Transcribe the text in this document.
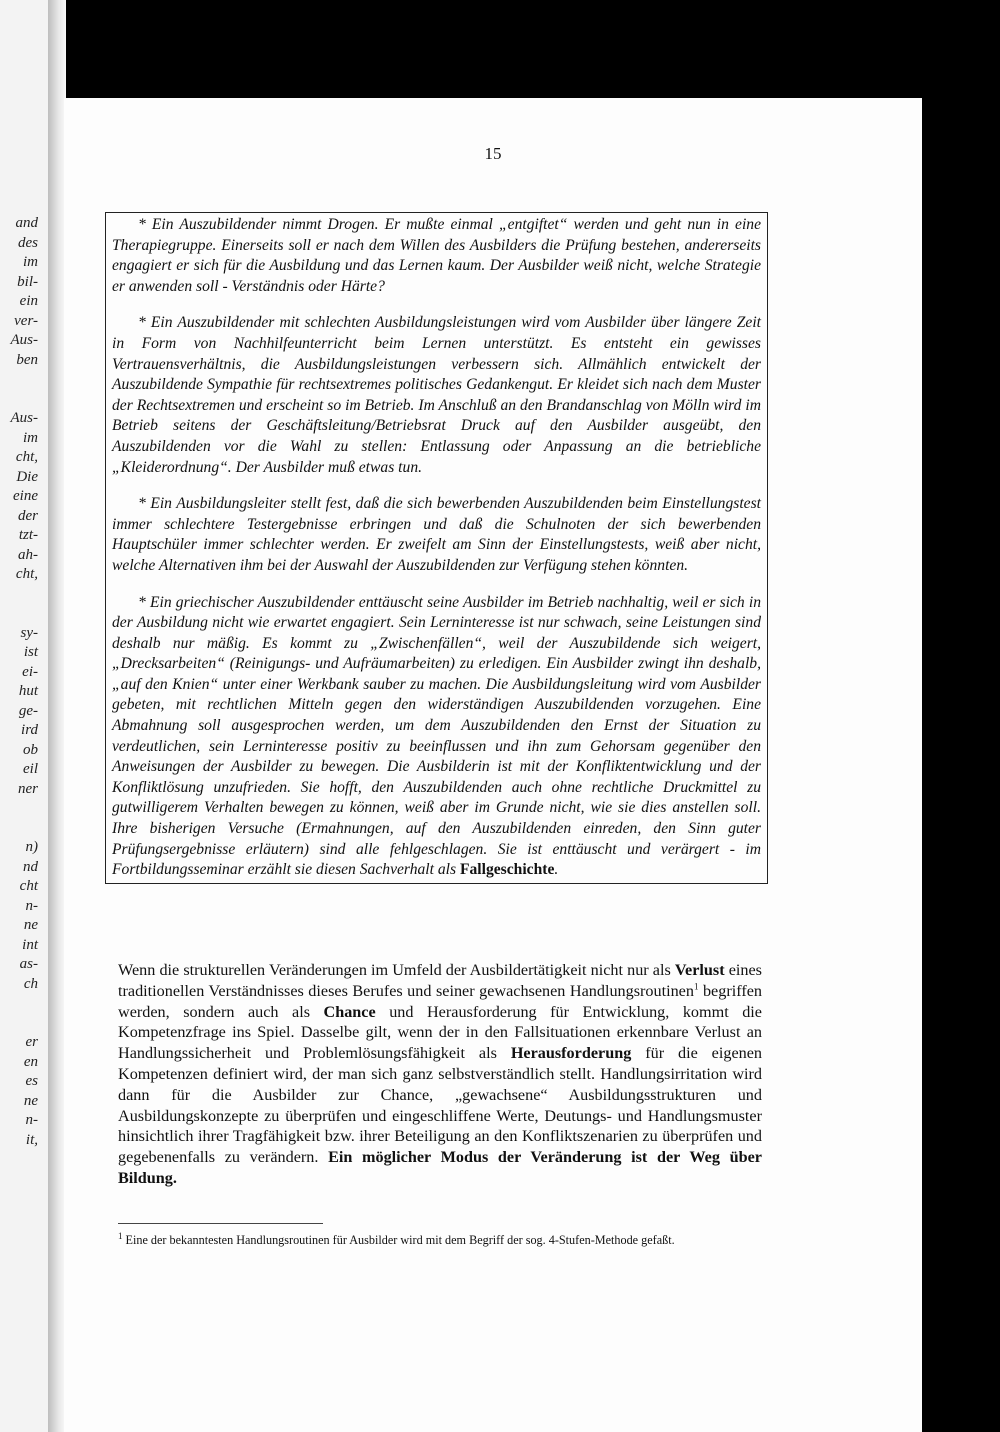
and
des
im
bil-
ein
ver-
Aus-
ben
Aus-
im
cht,
Die
eine
der
tzt-
ah-
cht,
sy-
ist
ei-
hut
ge-
ird
ob
eil
ner
n)
nd
cht
n-
ne
int
as-
ch
er
en
es
ne
n-
it,
15

* Ein Auszubildender nimmt Drogen. Er mußte einmal „entgiftet“ werden und geht nun in eine Therapiegruppe. Einerseits soll er nach dem Willen des Ausbilders die Prüfung bestehen, andererseits engagiert er sich für die Ausbildung und das Lernen kaum. Der Ausbilder weiß nicht, welche Strategie er anwenden soll - Verständnis oder Härte?

* Ein Auszubildender mit schlechten Ausbildungsleistungen wird vom Ausbilder über längere Zeit in Form von Nachhilfeunterricht beim Lernen unterstützt. Es entsteht ein gewisses Vertrauensverhältnis, die Ausbildungsleistungen verbessern sich. Allmählich entwickelt der Auszubildende Sympathie für rechtsextremes politisches Gedankengut. Er kleidet sich nach dem Muster der Rechtsextremen und erscheint so im Betrieb. Im Anschluß an den Brandanschlag von Mölln wird im Betrieb seitens der Geschäftsleitung/Betriebsrat Druck auf den Ausbilder ausgeübt, den Auszubildenden vor die Wahl zu stellen: Entlassung oder Anpassung an die betriebliche „Kleiderordnung“. Der Ausbilder muß etwas tun.

* Ein Ausbildungsleiter stellt fest, daß die sich bewerbenden Auszubildenden beim Einstellungstest immer schlechtere Testergebnisse erbringen und daß die Schulnoten der sich bewerbenden Hauptschüler immer schlechter werden. Er zweifelt am Sinn der Einstellungstests, weiß aber nicht, welche Alternativen ihm bei der Auswahl der Auszubildenden zur Verfügung stehen könnten.

* Ein griechischer Auszubildender enttäuscht seine Ausbilder im Betrieb nachhaltig, weil er sich in der Ausbildung nicht wie erwartet engagiert. Sein Lerninteresse ist nur schwach, seine Leistungen sind deshalb nur mäßig. Es kommt zu „Zwischenfällen“, weil der Auszubildende sich weigert, „Drecksarbeiten“ (Reinigungs- und Aufräumarbeiten) zu erledigen. Ein Ausbilder zwingt ihn deshalb, „auf den Knien“ unter einer Werkbank sauber zu machen. Die Ausbildungsleitung wird vom Ausbilder gebeten, mit rechtlichen Mitteln gegen den widerständigen Auszubildenden vorzugehen. Eine Abmahnung soll ausgesprochen werden, um dem Auszubildenden den Ernst der Situation zu verdeutlichen, sein Lerninteresse positiv zu beeinflussen und ihn zum Gehorsam gegenüber den Anweisungen der Ausbilder zu bewegen. Die Ausbilderin ist mit der Konfliktentwicklung und der Konfliktlösung unzufrieden. Sie hofft, den Auszubildenden auch ohne rechtliche Druckmittel zu gutwilligerem Verhalten bewegen zu können, weiß aber im Grunde nicht, wie sie dies anstellen soll. Ihre bisherigen Versuche (Ermahnungen, auf den Auszubildenden einreden, den Sinn guter Prüfungsergebnisse erläutern) sind alle fehlgeschlagen. Sie ist enttäuscht und verärgert - im Fortbildungsseminar erzählt sie diesen Sachverhalt als Fallgeschichte.

Wenn die strukturellen Veränderungen im Umfeld der Ausbildertätigkeit nicht nur als Verlust eines traditionellen Verständnisses dieses Berufes und seiner gewachsenen Handlungsroutinen$^1$ begriffen werden, sondern auch als Chance und Herausforderung für Entwicklung, kommt die Kompetenzfrage ins Spiel. Dasselbe gilt, wenn der in den Fallsituationen erkennbare Verlust an Handlungssicherheit und Problemlösungsfähigkeit als Herausforderung für die eigenen Kompetenzen definiert wird, der man sich ganz selbstverständlich stellt. Handlungsirritation wird dann für die Ausbilder zur Chance, „gewachsene“ Ausbildungsstrukturen und Ausbildungskonzepte zu überprüfen und eingeschliffene Werte, Deutungs- und Handlungsmuster hinsichtlich ihrer Tragfähigkeit bzw. ihrer Beteiligung an den Konfliktszenarien zu überprüfen und gegebenenfalls zu verändern. Ein möglicher Modus der Veränderung ist der Weg über Bildung.

$^1$ Eine der bekanntesten Handlungsroutinen für Ausbilder wird mit dem Begriff der sog. 4-Stufen-Methode gefaßt.
